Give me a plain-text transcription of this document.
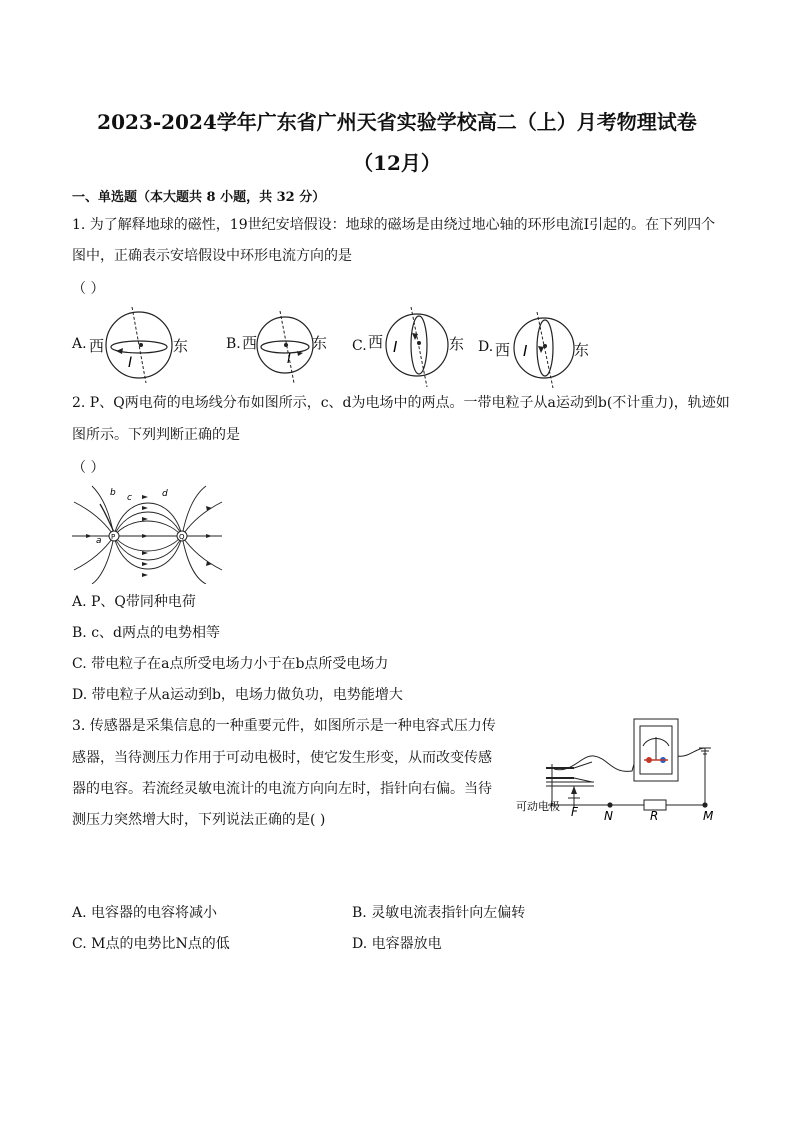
2023-2024学年广东省广州天省实验学校高二（上）月考物理试卷
（12月）
一、单选题（本大题共 8 小题，共 32 分）
1. 为了解释地球的磁性，19世纪安培假设：地球的磁场是由绕过地心轴的环形电流I引起的。在下列四个
图中，正确表示安培假设中环形电流方向的是
（ ）
A. 西	东
I
B. 西	东
I
C. 西	东
I	D. 西	东
I
2. P、Q两电荷的电场线分布如图所示，c、d为电场中的两点。一带电粒子从a运动到b(不计重力)，轨迹如
图所示。下列判断正确的是
（ ）
P	Q
b c	d
a
A. P、Q带同种电荷
B. c、d两点的电势相等
C. 带电粒子在a点所受电场力小于在b点所受电场力
D. 带电粒子从a运动到b，电场力做负功，电势能增大
3. 传感器是采集信息的一种重要元件，如图所示是一种电容式压力传
感器，当待测压力作用于可动电极时，使它发生形变，从而改变传感
器的电容。若流经灵敏电流计的电流方向向左时，指针向右偏。当待
测压力突然增大时，下列说法正确的是( )
可动电极 F N	R	M
A. 电容器的电容将减小	B. 灵敏电流表指针向左偏转
C. M点的电势比N点的低	D. 电容器放电
